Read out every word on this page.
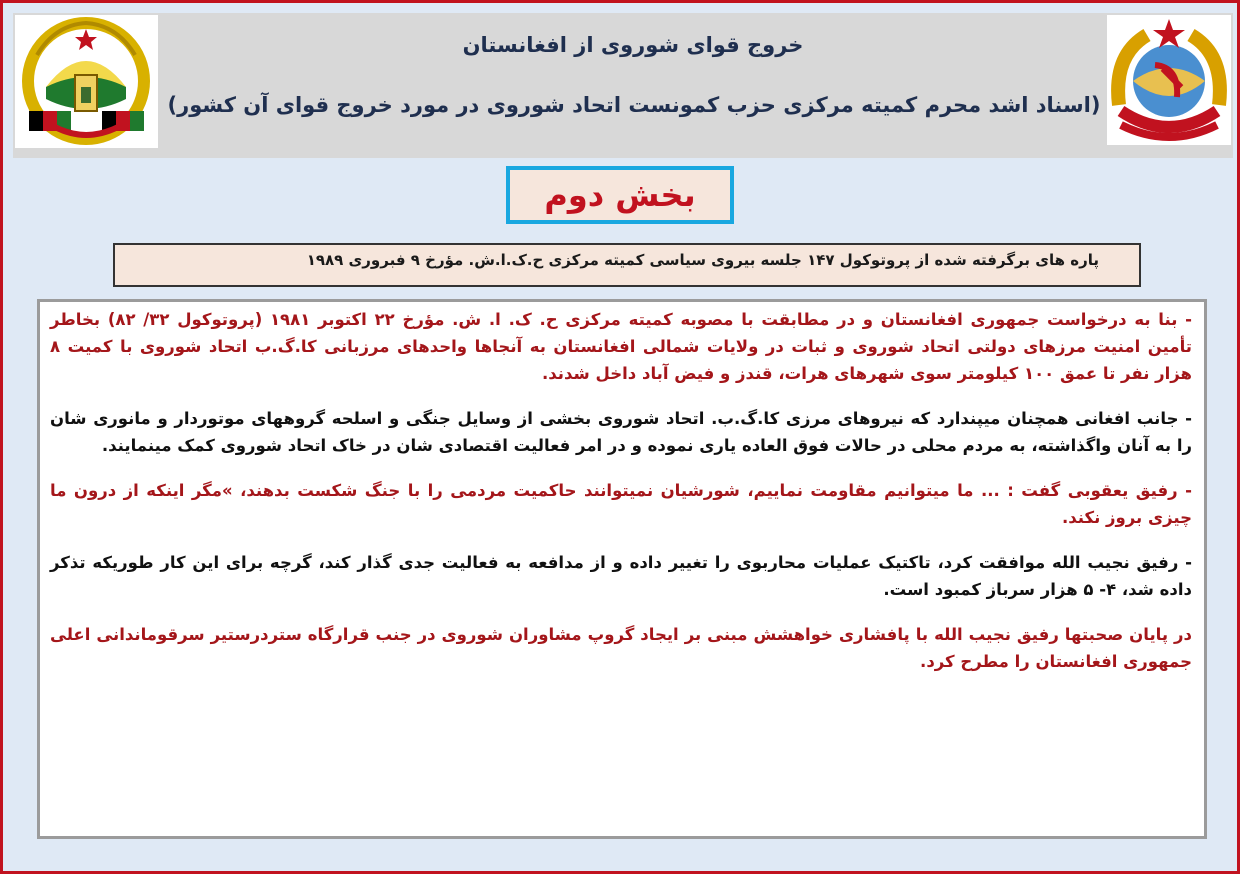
خروج قوای شوروی از افغانستان
(اسناد اشد محرم کمیته مرکزی حزب کمونست اتحاد شوروی در مورد خروج قوای آن کشور)
بخش دوم
پاره های برگرفته شده از پروتوکول ۱۴۷ جلسه بیروی سیاسی کمیته مرکزی ح.ک.ا.ش. مؤرخ ۹ فبروری ۱۹۸۹

- بنا به درخواست جمهوری افغانستان و در مطابقت با مصوبه کمیته مرکزی ح. ک. ا. ش. مؤرخ ۲۲ اکتوبر ۱۹۸۱ (پروتوکول ۳۲/ ۸۲) بخاطر تأمین امنیت مرزهای دولتی اتحاد شوروی و ثبات در ولایات شمالی افغانستان به آنجاها واحدهای مرزبانی کا.گ.ب اتحاد شوروی با کمیت ۸ هزار نفر تا عمق ۱۰۰ کیلومتر سوی شهرهای هرات، قندز و فیض آباد داخل شدند.

- جانب افغانی همچنان میپندارد که نیروهای مرزی کا.گ.ب. اتحاد شوروی بخشی از وسایل جنگی و اسلحه گروههای موتوردار و مانوری شان را به آنان واگذاشته، به مردم محلی در حالات فوق العاده یاری نموده و در امر فعالیت اقتصادی شان در خاک اتحاد شوروی کمک مینمایند.

- رفیق یعقوبی گفت : ... ما میتوانیم مقاومت نماییم، شورشیان نمیتوانند حاکمیت مردمی را با جنگ شکست بدهند، »مگر اینکه از درون ما چیزی بروز نکند.

- رفیق نجیب الله موافقت کرد، تاکتیک عملیات محاربوی را تغییر داده و از مدافعه به فعالیت جدی گذار کند، گرچه برای این کار طوریکه تذکر داده شد، ۴- ۵ هزار سرباز کمبود است.

در پایان صحبتها رفیق نجیب الله با پافشاری خواهشش مبنی بر ایجاد گروپ مشاوران شوروی در جنب قرارگاه ستردرستیر سرقوماندانی اعلی جمهوری افغانستان را مطرح کرد.
